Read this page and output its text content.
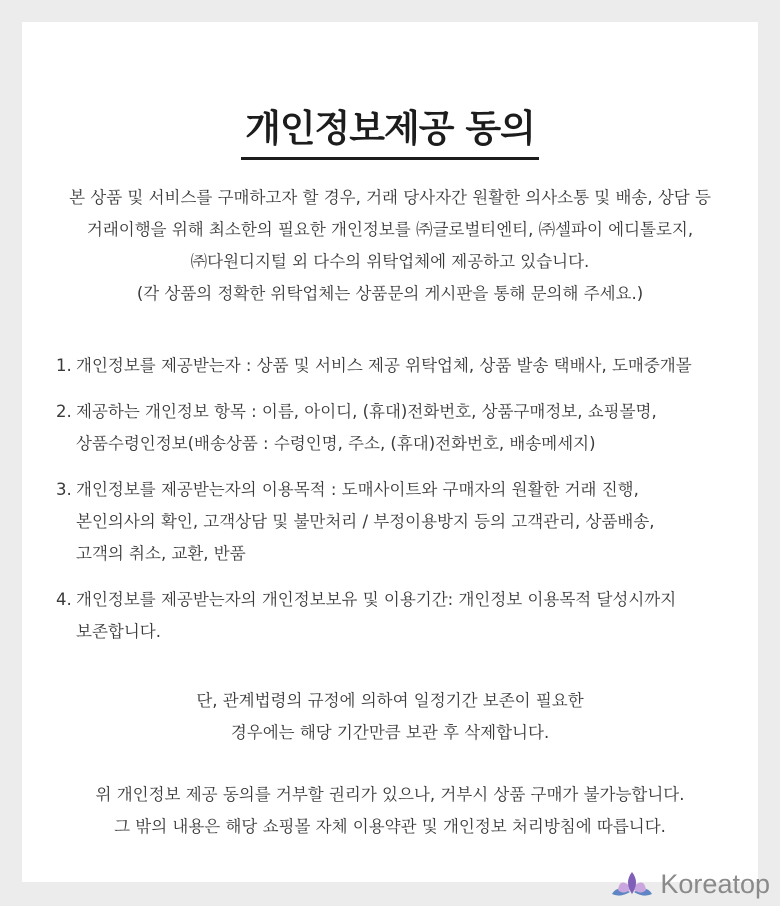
개인정보제공 동의

본 상품 및 서비스를 구매하고자 할 경우, 거래 당사자간 원활한 의사소통 및 배송, 상담 등

거래이행을 위해 최소한의 필요한 개인정보를 ㈜글로벌티엔티, ㈜셀파이 에디톨로지,

㈜다원디지털 외 다수의 위탁업체에 제공하고 있습니다.

(각 상품의 정확한 위탁업체는 상품문의 게시판을 통해 문의해 주세요.)

1. 개인정보를 제공받는자 : 상품 및 서비스 제공 위탁업체, 상품 발송 택배사, 도매중개몰

2. 제공하는 개인정보 항목 : 이름, 아이디, (휴대)전화번호, 상품구매정보, 쇼핑몰명,

상품수령인정보(배송상품 : 수령인명, 주소, (휴대)전화번호, 배송메세지)

3. 개인정보를 제공받는자의 이용목적 : 도매사이트와 구매자의 원활한 거래 진행,

본인의사의 확인, 고객상담 및 불만처리 / 부정이용방지 등의 고객관리, 상품배송,

고객의 취소, 교환, 반품

4. 개인정보를 제공받는자의 개인정보보유 및 이용기간: 개인정보 이용목적 달성시까지

보존합니다.

단, 관계법령의 규정에 의하여 일정기간 보존이 필요한

경우에는 해당 기간만큼 보관 후 삭제합니다.

위 개인정보 제공 동의를 거부할 권리가 있으나, 거부시 상품 구매가 불가능합니다.

그 밖의 내용은 해당 쇼핑몰 자체 이용약관 및 개인정보 처리방침에 따릅니다.

Koreatop
